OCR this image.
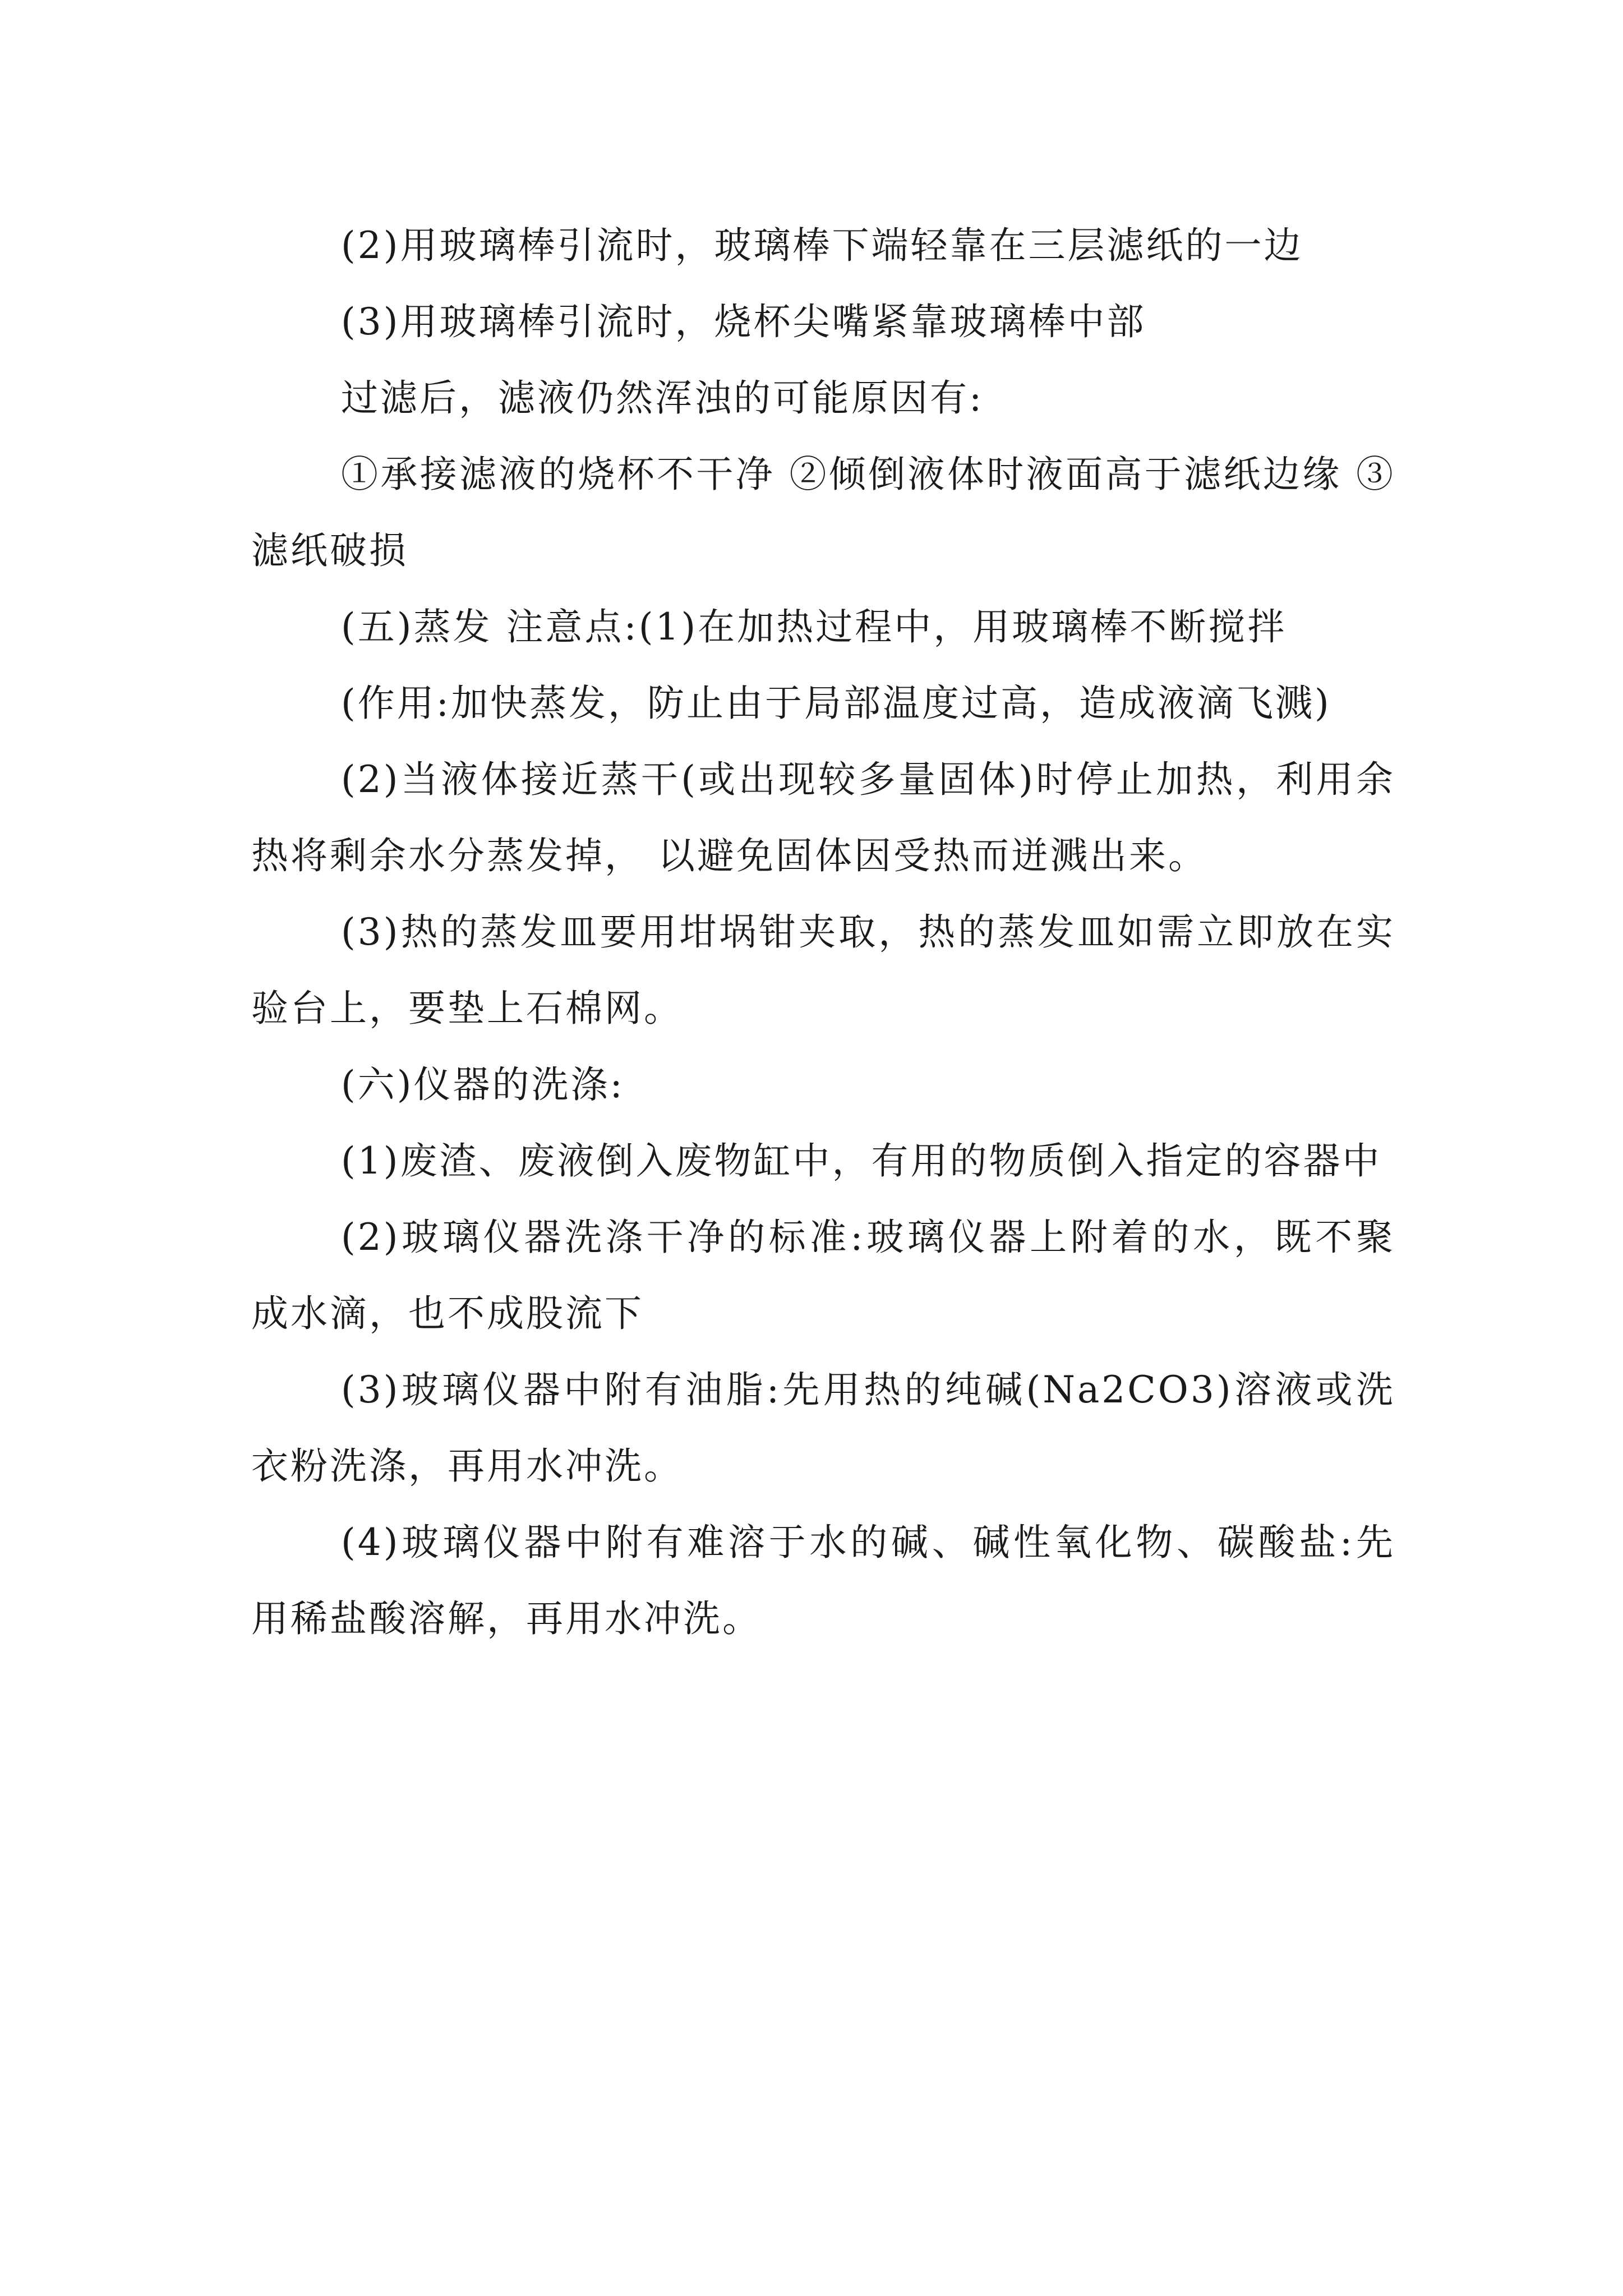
(2)用玻璃棒引流时，玻璃棒下端轻靠在三层滤纸的一边

(3)用玻璃棒引流时，烧杯尖嘴紧靠玻璃棒中部

过滤后，滤液仍然浑浊的可能原因有:

①承接滤液的烧杯不干净 ②倾倒液体时液面高于滤纸边缘 ③滤纸破损

(五)蒸发 注意点:(1)在加热过程中，用玻璃棒不断搅拌

(作用:加快蒸发，防止由于局部温度过高，造成液滴飞溅)

(2)当液体接近蒸干(或出现较多量固体)时停止加热，利用余热将剩余水分蒸发掉， 以避免固体因受热而迸溅出来。

(3)热的蒸发皿要用坩埚钳夹取，热的蒸发皿如需立即放在实验台上，要垫上石棉网。

(六)仪器的洗涤:

(1)废渣、废液倒入废物缸中，有用的物质倒入指定的容器中

(2)玻璃仪器洗涤干净的标准:玻璃仪器上附着的水，既不聚成水滴，也不成股流下

(3)玻璃仪器中附有油脂:先用热的纯碱(Na2CO3)溶液或洗衣粉洗涤，再用水冲洗。

(4)玻璃仪器中附有难溶于水的碱、碱性氧化物、碳酸盐:先用稀盐酸溶解，再用水冲洗。
